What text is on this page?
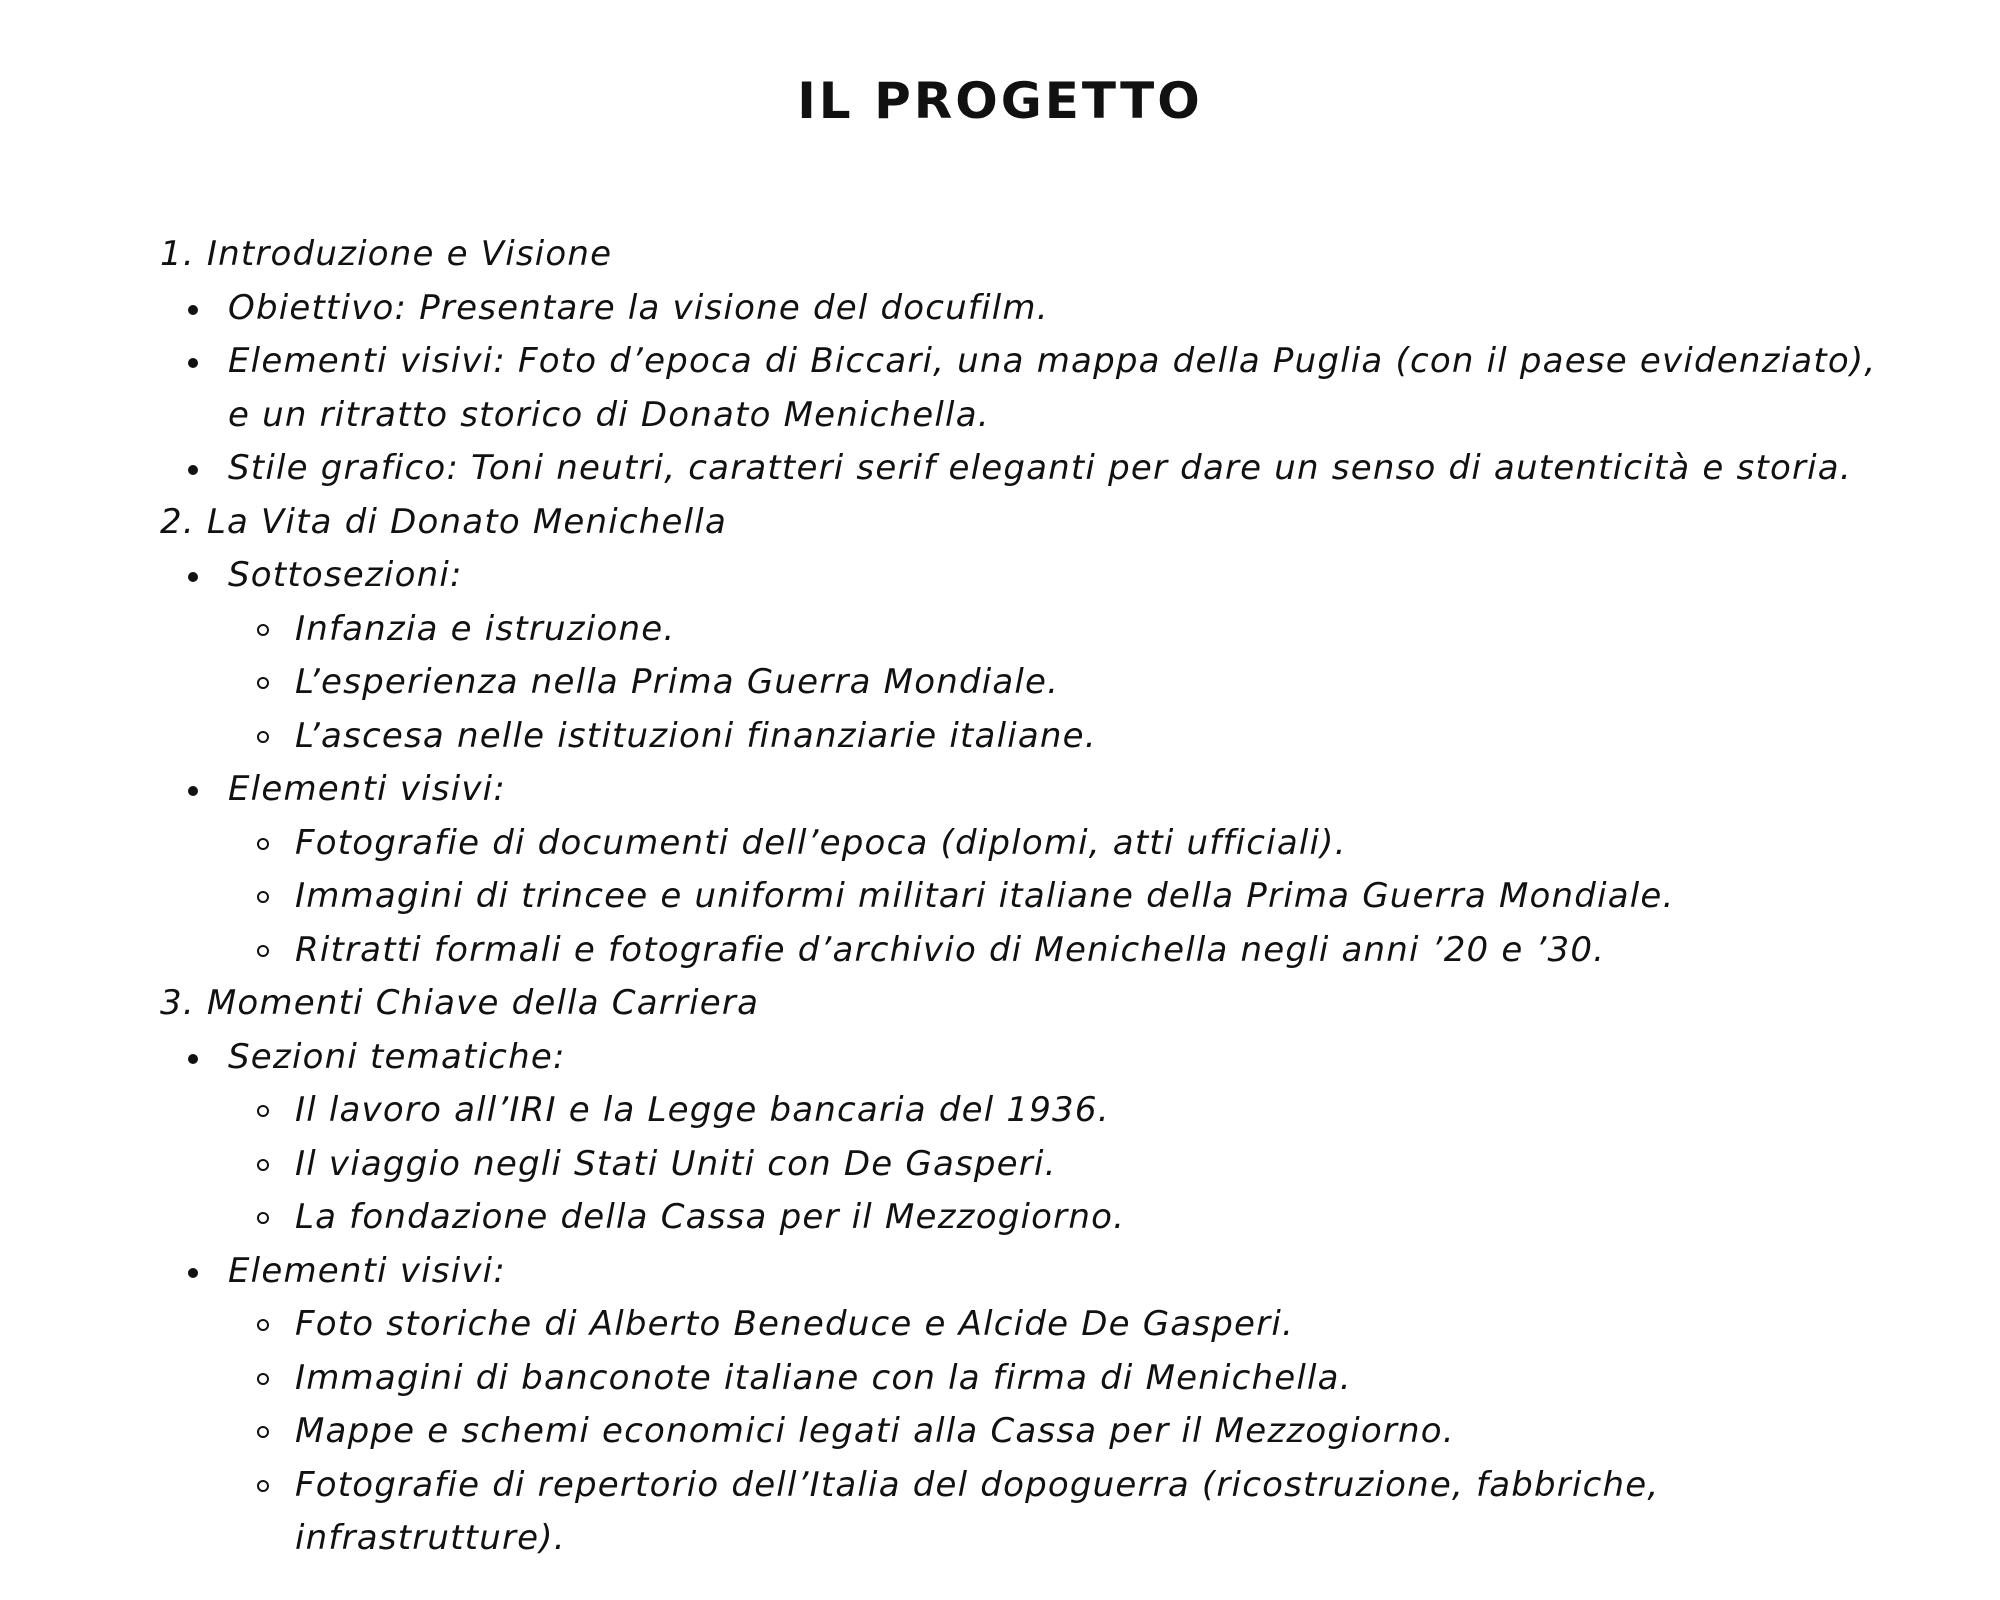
IL PROGETTO

1. Introduzione e Visione

Obiettivo: Presentare la visione del docufilm.
Elementi visivi: Foto d’epoca di Biccari, una mappa della Puglia (con il paese evidenziato), e un ritratto storico di Donato Menichella.
Stile grafico: Toni neutri, caratteri serif eleganti per dare un senso di autenticità e storia.

2. La Vita di Donato Menichella

Sottosezioni:
Infanzia e istruzione.
L’esperienza nella Prima Guerra Mondiale.
L’ascesa nelle istituzioni finanziarie italiane.
Elementi visivi:
Fotografie di documenti dell’epoca (diplomi, atti ufficiali).
Immagini di trincee e uniformi militari italiane della Prima Guerra Mondiale.
Ritratti formali e fotografie d’archivio di Menichella negli anni ’20 e ’30.

3. Momenti Chiave della Carriera

Sezioni tematiche:
Il lavoro all’IRI e la Legge bancaria del 1936.
Il viaggio negli Stati Uniti con De Gasperi.
La fondazione della Cassa per il Mezzogiorno.
Elementi visivi:
Foto storiche di Alberto Beneduce e Alcide De Gasperi.
Immagini di banconote italiane con la firma di Menichella.
Mappe e schemi economici legati alla Cassa per il Mezzogiorno.
Fotografie di repertorio dell’Italia del dopoguerra (ricostruzione, fabbriche, infrastrutture).
